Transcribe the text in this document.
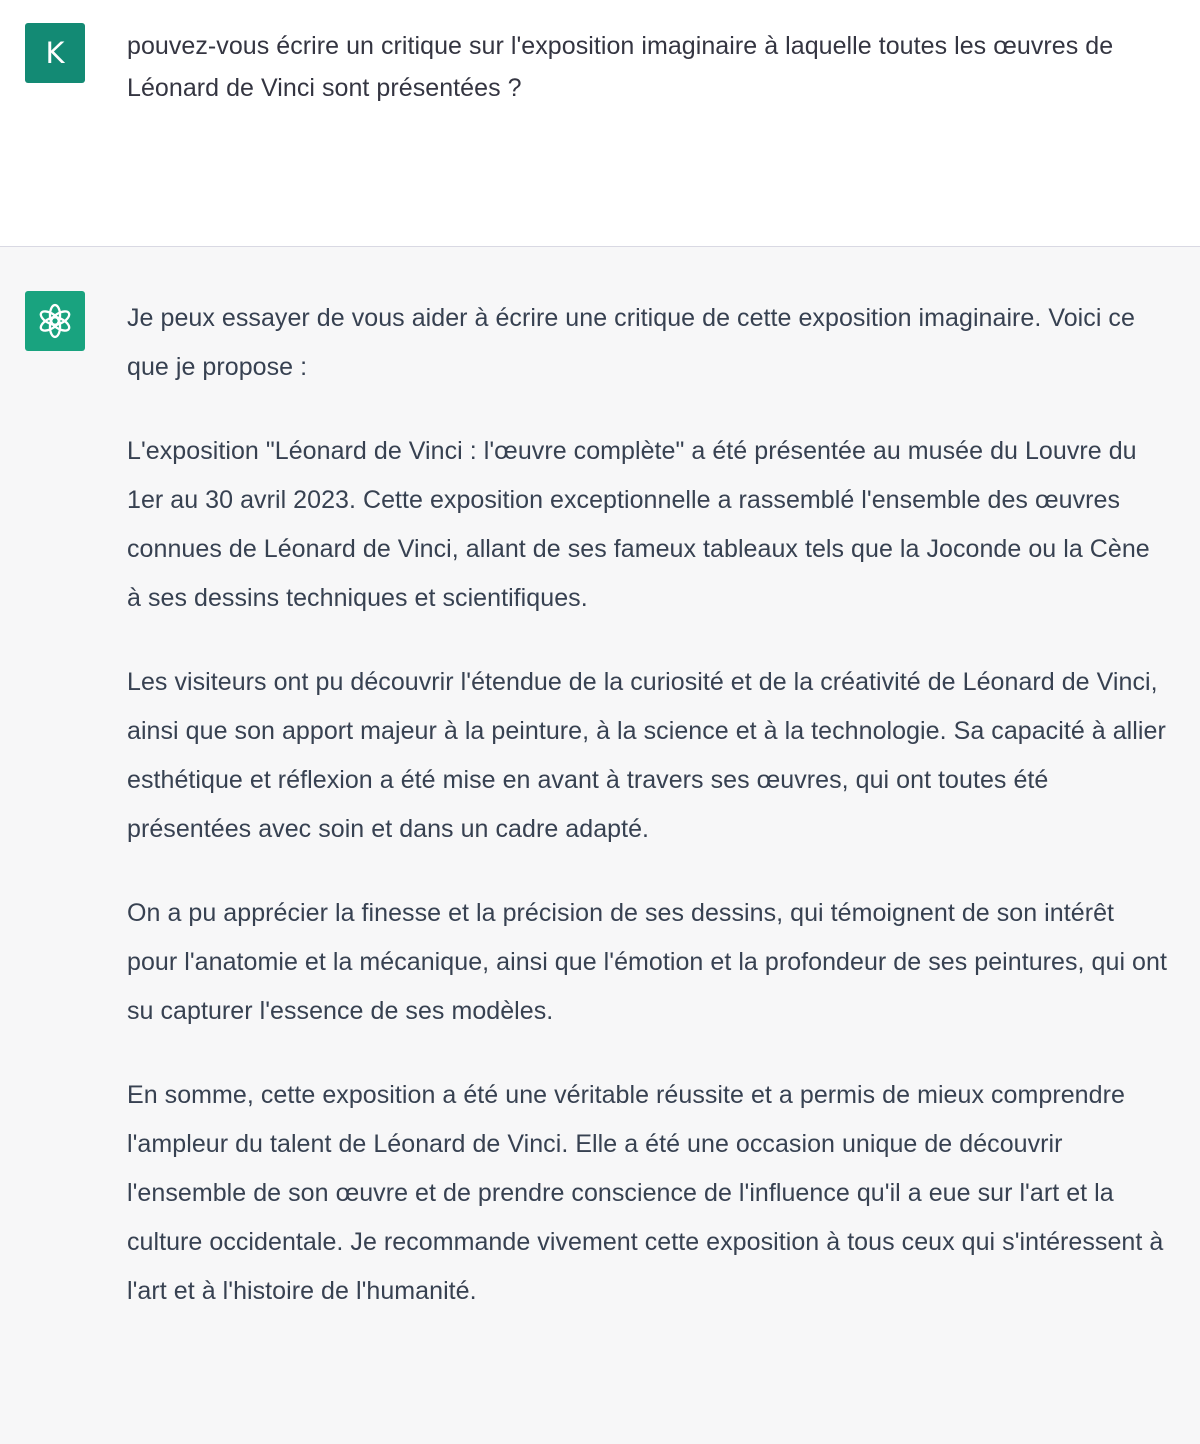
K pouvez-vous écrire un critique sur l'exposition imaginaire à laquelle toutes les œuvres de Léonard de Vinci sont présentées ?

Je peux essayer de vous aider à écrire une critique de cette exposition imaginaire. Voici ce que je propose :

L'exposition "Léonard de Vinci : l'œuvre complète" a été présentée au musée du Louvre du 1er au 30 avril 2023. Cette exposition exceptionnelle a rassemblé l'ensemble des œuvres connues de Léonard de Vinci, allant de ses fameux tableaux tels que la Joconde ou la Cène à ses dessins techniques et scientifiques.

Les visiteurs ont pu découvrir l'étendue de la curiosité et de la créativité de Léonard de Vinci, ainsi que son apport majeur à la peinture, à la science et à la technologie. Sa capacité à allier esthétique et réflexion a été mise en avant à travers ses œuvres, qui ont toutes été présentées avec soin et dans un cadre adapté.

On a pu apprécier la finesse et la précision de ses dessins, qui témoignent de son intérêt pour l'anatomie et la mécanique, ainsi que l'émotion et la profondeur de ses peintures, qui ont su capturer l'essence de ses modèles.

En somme, cette exposition a été une véritable réussite et a permis de mieux comprendre l'ampleur du talent de Léonard de Vinci. Elle a été une occasion unique de découvrir l'ensemble de son œuvre et de prendre conscience de l'influence qu'il a eue sur l'art et la culture occidentale. Je recommande vivement cette exposition à tous ceux qui s'intéressent à l'art et à l'histoire de l'humanité.
